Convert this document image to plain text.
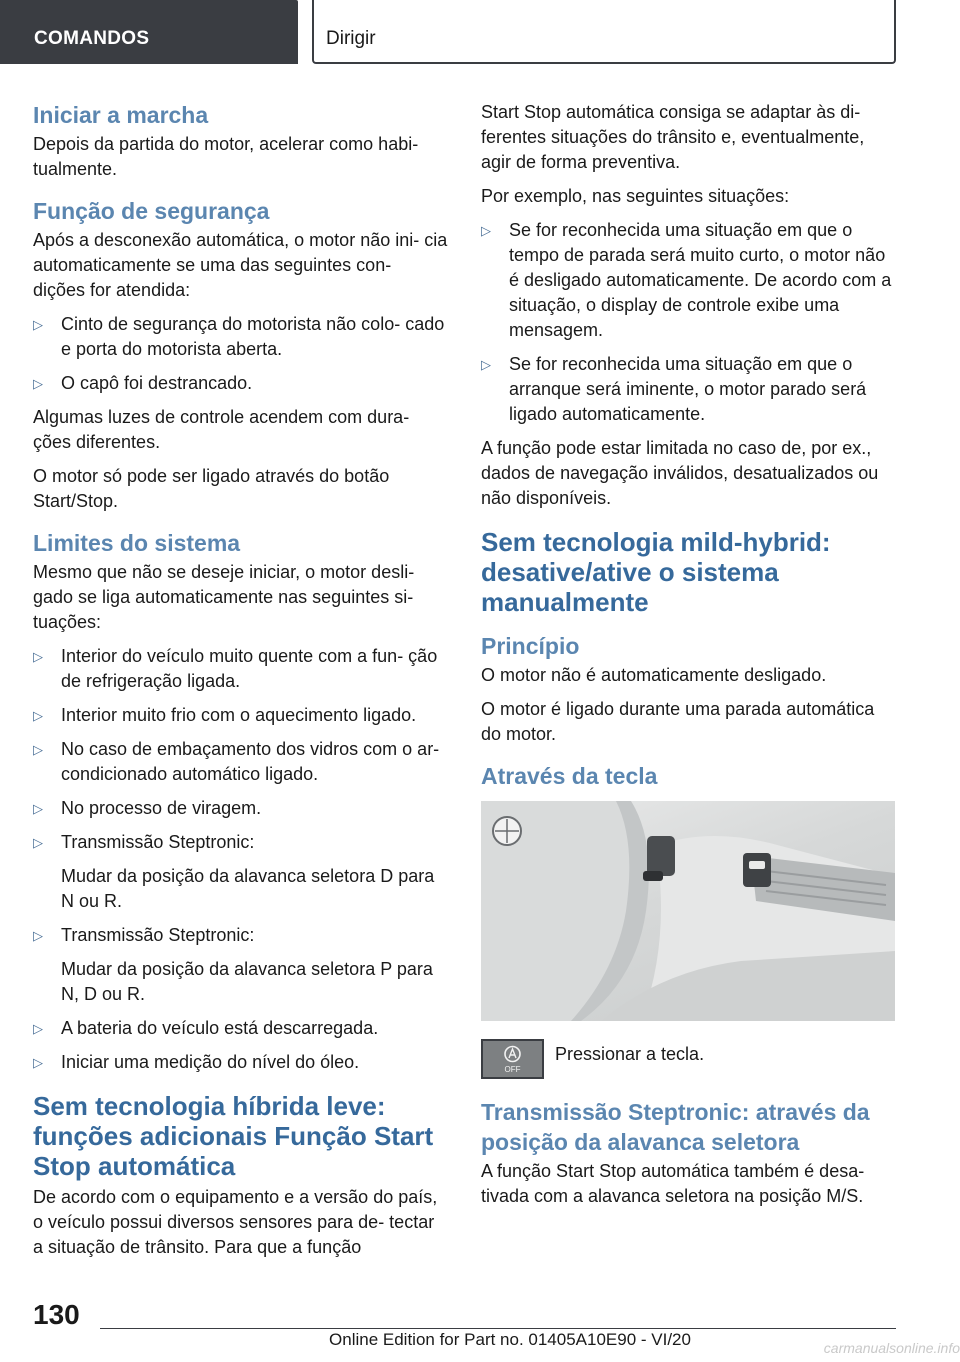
COMANDOS	Dirigir
Iniciar a marcha

Depois da partida do motor, acelerar como habi- tualmente.

Função de segurança

Após a desconexão automática, o motor não ini- cia automaticamente se uma das seguintes con- dições for atendida:

▷ Cinto de segurança do motorista não colo- cado e porta do motorista aberta.
▷ O capô foi destrancado.

Algumas luzes de controle acendem com dura- ções diferentes.

O motor só pode ser ligado através do botão Start/Stop.

Limites do sistema

Mesmo que não se deseje iniciar, o motor desli- gado se liga automaticamente nas seguintes si- tuações:

▷ Interior do veículo muito quente com a fun- ção de refrigeração ligada.
▷ Interior muito frio com o aquecimento ligado.
▷ No caso de embaçamento dos vidros com o ar-condicionado automático ligado.
▷ No processo de viragem.
▷ Transmissão Steptronic:
Mudar da posição da alavanca seletora D para N ou R.
▷ Transmissão Steptronic:
Mudar da posição da alavanca seletora P para N, D ou R.
▷ A bateria do veículo está descarregada.
▷ Iniciar uma medição do nível do óleo.
Sem tecnologia híbrida leve: funções adicionais Função Start Stop automática

De acordo com o equipamento e a versão do país, o veículo possui diversos sensores para de- tectar a situação de trânsito. Para que a função

Start Stop automática consiga se adaptar às di- ferentes situações do trânsito e, eventualmente, agir de forma preventiva.

Por exemplo, nas seguintes situações:

▷ Se for reconhecida uma situação em que o tempo de parada será muito curto, o motor não é desligado automaticamente. De acordo com a situação, o display de controle exibe uma mensagem.
▷ Se for reconhecida uma situação em que o arranque será iminente, o motor parado será ligado automaticamente.

A função pode estar limitada no caso de, por ex., dados de navegação inválidos, desatualizados ou não disponíveis.

Sem tecnologia mild-hybrid: desative/ative o sistema manualmente
Princípio

O motor não é automaticamente desligado.

O motor é ligado durante uma parada automática do motor.

Através da tecla
OFF

Pressionar a tecla.

Transmissão Steptronic: através da posição da alavanca seletora

A função Start Stop automática também é desa- tivada com a alavanca seletora na posição M/S.

130
Online Edition for Part no. 01405A10E90 - VI/20	carmanualsonline.info
